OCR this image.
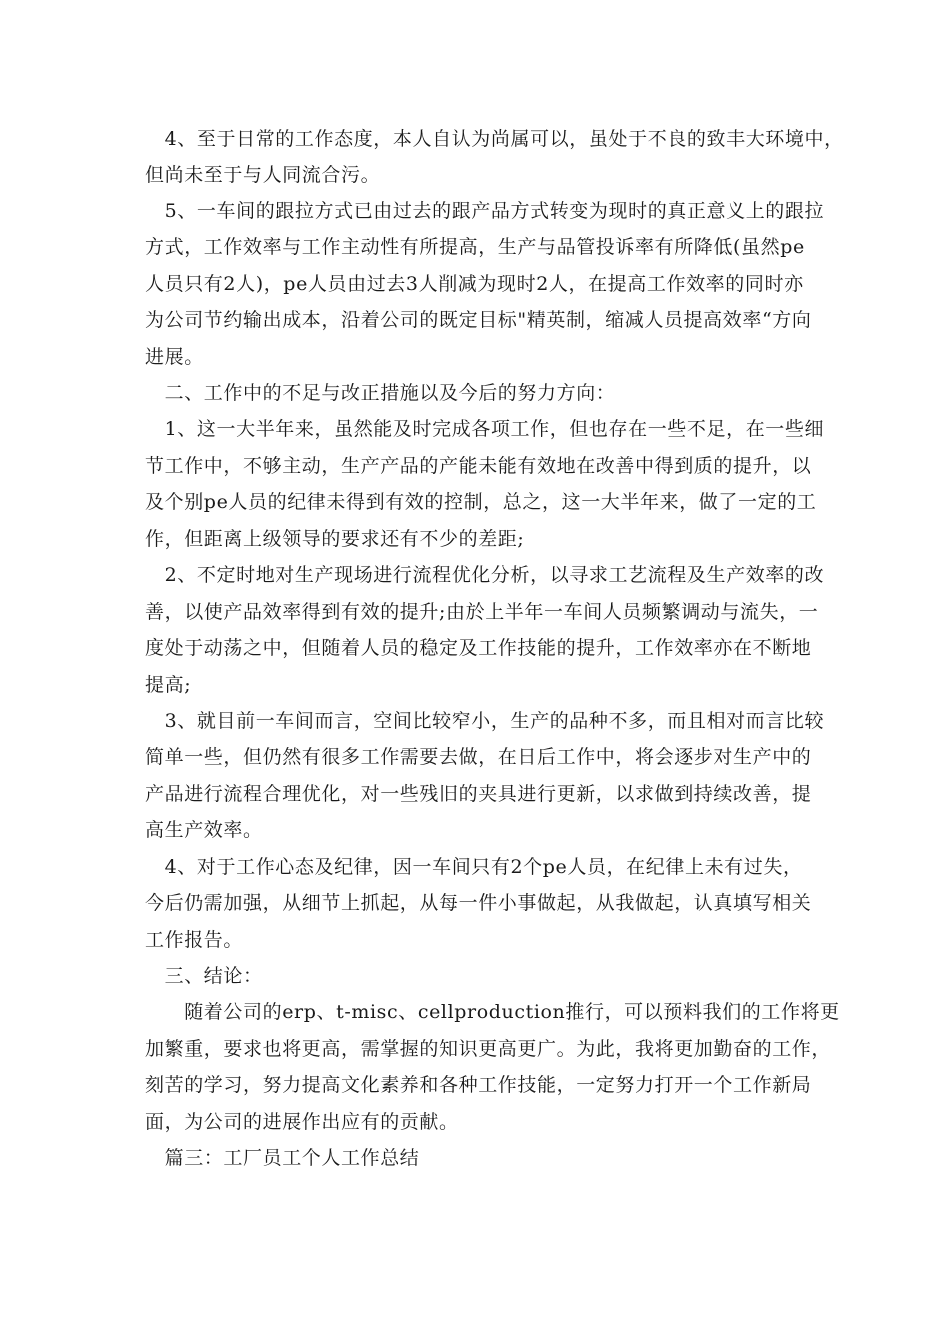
　4、至于日常的工作态度，本人自认为尚属可以，虽处于不良的致丰大环境中，
但尚未至于与人同流合污。
　5、一车间的跟拉方式已由过去的跟产品方式转变为现时的真正意义上的跟拉
方式，工作效率与工作主动性有所提高，生产与品管投诉率有所降低(虽然pe
人员只有2人)，pe人员由过去3人削减为现时2人，在提高工作效率的同时亦
为公司节约输出成本，沿着公司的既定目标"精英制，缩减人员提高效率“方向
进展。
　二、工作中的不足与改正措施以及今后的努力方向：
　1、这一大半年来，虽然能及时完成各项工作，但也存在一些不足，在一些细
节工作中，不够主动，生产产品的产能未能有效地在改善中得到质的提升，以
及个别pe人员的纪律未得到有效的控制，总之，这一大半年来，做了一定的工
作，但距离上级领导的要求还有不少的差距;
　2、不定时地对生产现场进行流程优化分析，以寻求工艺流程及生产效率的改
善，以使产品效率得到有效的提升;由於上半年一车间人员频繁调动与流失，一
度处于动荡之中，但随着人员的稳定及工作技能的提升，工作效率亦在不断地
提高;
　3、就目前一车间而言，空间比较窄小，生产的品种不多，而且相对而言比较
简单一些，但仍然有很多工作需要去做，在日后工作中，将会逐步对生产中的
产品进行流程合理优化，对一些残旧的夹具进行更新，以求做到持续改善，提
高生产效率。
　4、对于工作心态及纪律，因一车间只有2个pe人员，在纪律上未有过失，
今后仍需加强，从细节上抓起，从每一件小事做起，从我做起，认真填写相关
工作报告。
　三、结论：
　　随着公司的erp、t-misc、cellproduction推行，可以预料我们的工作将更
加繁重，要求也将更高，需掌握的知识更高更广。为此，我将更加勤奋的工作，
刻苦的学习，努力提高文化素养和各种工作技能，一定努力打开一个工作新局
面，为公司的进展作出应有的贡献。
　篇三：工厂员工个人工作总结
